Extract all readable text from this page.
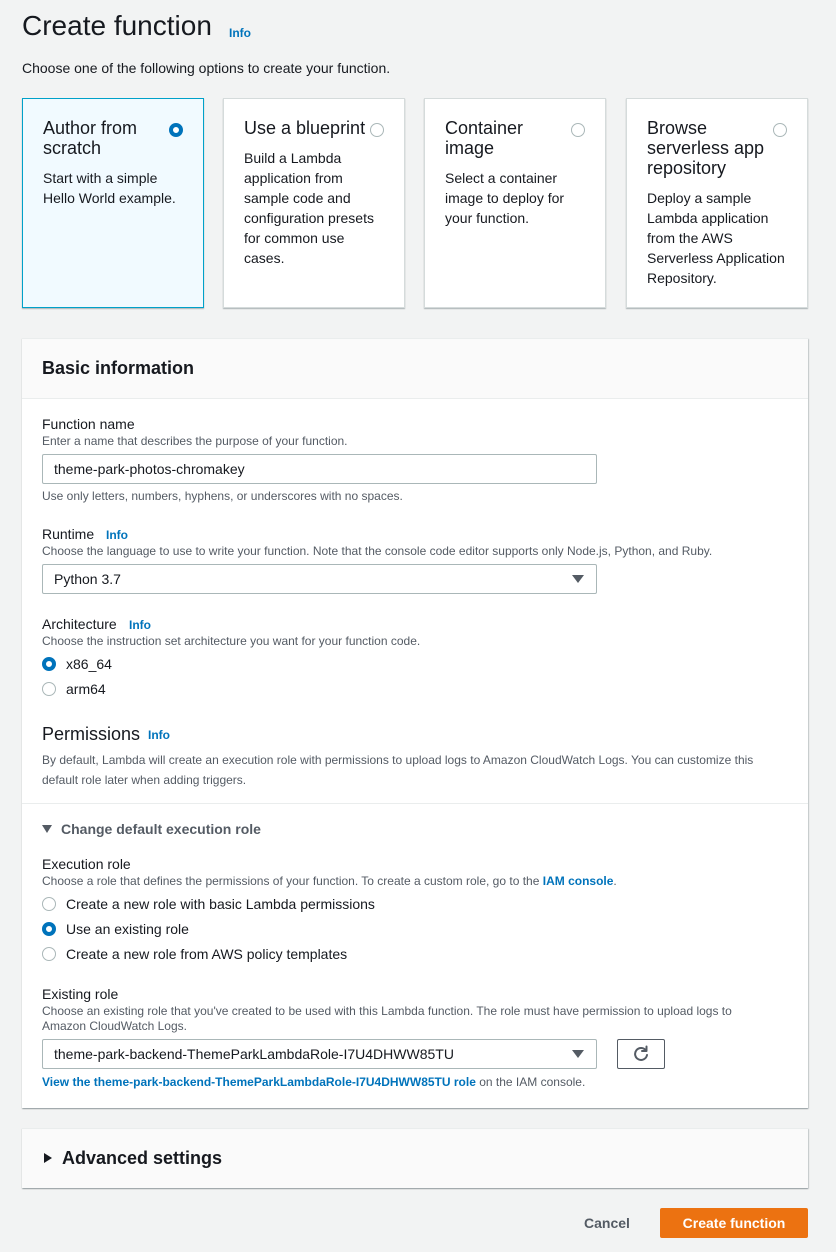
Create function Info
Choose one of the following options to create your function.
Author from scratch
Start with a simple Hello World example.
Use a blueprint
Build a Lambda application from sample code and configuration presets for common use cases.
Container image
Select a container image to deploy for your function.
Browse serverless app repository
Deploy a sample Lambda application from the AWS Serverless Application Repository.
Basic information
Function name
Enter a name that describes the purpose of your function.
theme-park-photos-chromakey
Use only letters, numbers, hyphens, or underscores with no spaces.
Runtime Info
Choose the language to use to write your function. Note that the console code editor supports only Node.js, Python, and Ruby.
Python 3.7
Architecture Info
Choose the instruction set architecture you want for your function code.
x86_64
arm64
Permissions Info
By default, Lambda will create an execution role with permissions to upload logs to Amazon CloudWatch Logs. You can customize this default role later when adding triggers.
Change default execution role
Execution role
Choose a role that defines the permissions of your function. To create a custom role, go to the IAM console.
Create a new role with basic Lambda permissions
Use an existing role
Create a new role from AWS policy templates
Existing role
Choose an existing role that you've created to be used with this Lambda function. The role must have permission to upload logs to Amazon CloudWatch Logs.
theme-park-backend-ThemeParkLambdaRole-I7U4DHWW85TU
View the theme-park-backend-ThemeParkLambdaRole-I7U4DHWW85TU role on the IAM console.
Advanced settings
Cancel	Create function
